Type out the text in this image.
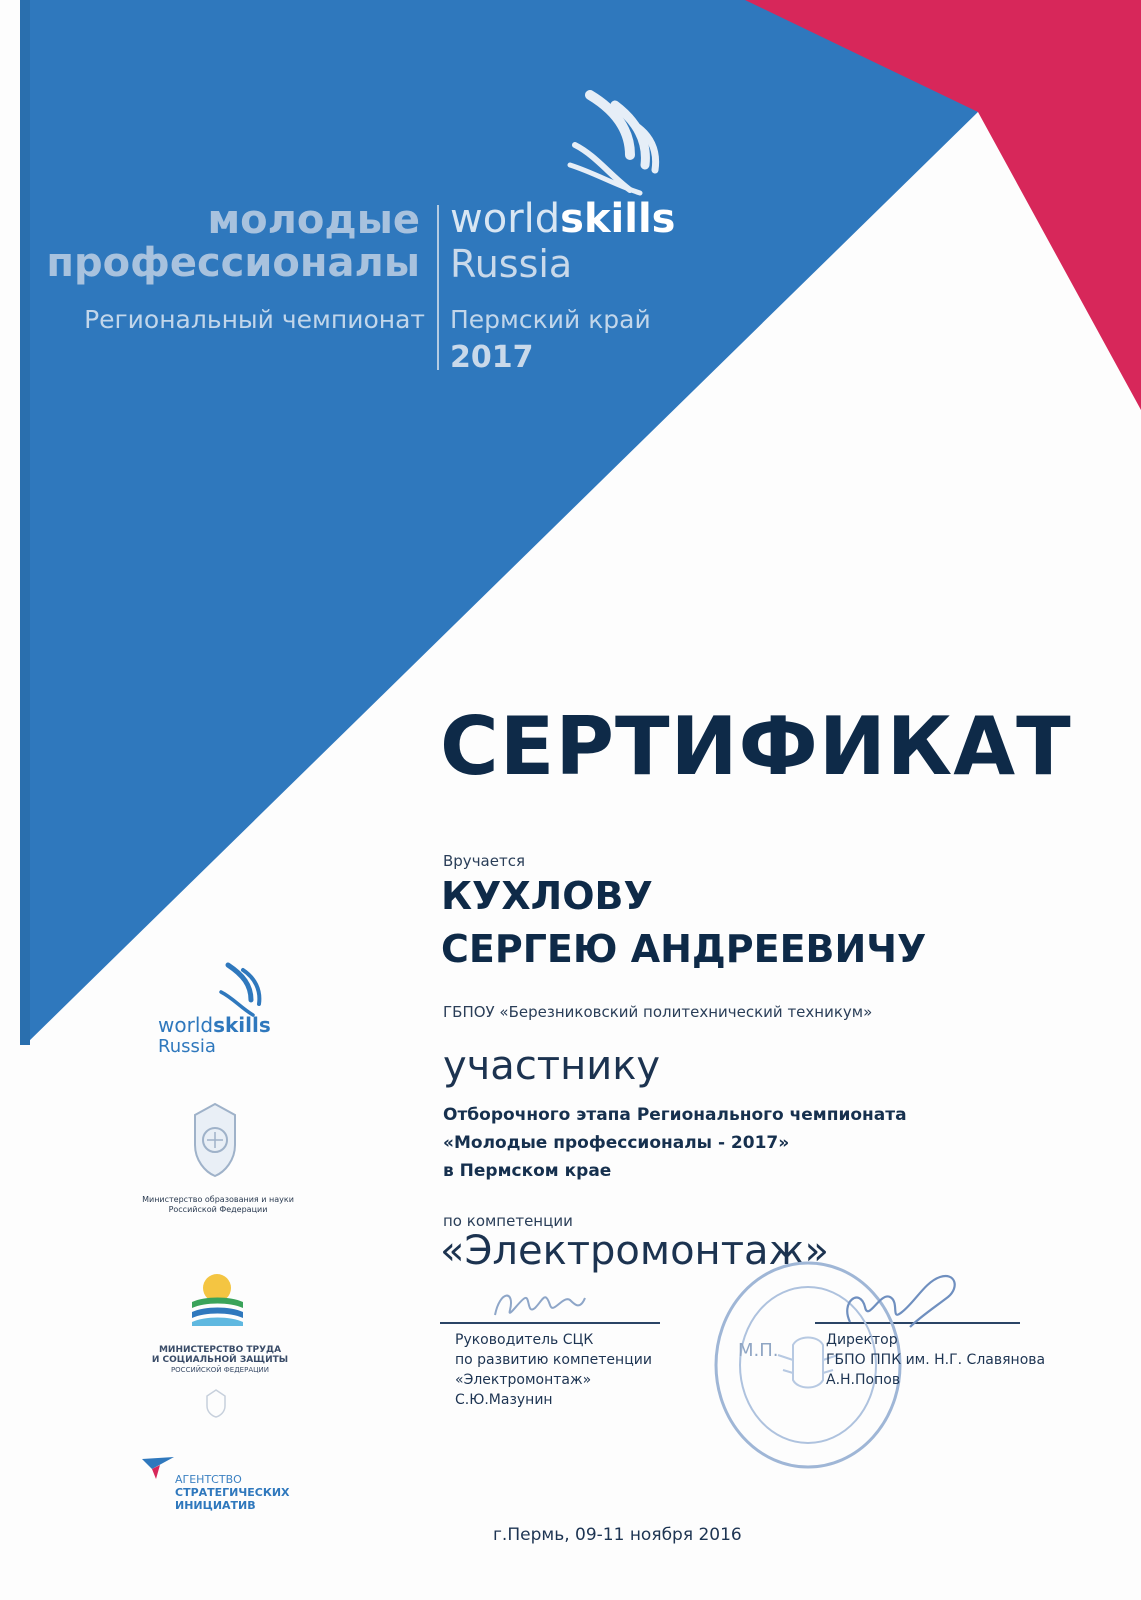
молодые
профессионалы
worldskills
Russia
Региональный чемпионат Пермский край
2017
СЕРТИФИКАТ
Вручается
КУХЛОВУ
СЕРГЕЮ АНДРЕЕВИЧУ
ГБПОУ «Березниковский политехнический техникум»
участнику
Отборочного этапа Регионального чемпионата
«Молодые профессионалы - 2017»
в Пермском крае
по компетенции
«Электромонтаж»
М.П.
Руководитель СЦК
по развитию компетенции
«Электромонтаж»
С.Ю.Мазунин
Директор
ГБПО ППК им. Н.Г. Славянова
А.Н.Попов
г.Пермь, 09-11 ноября 2016
worldskills
Russia
Министерство образования и науки
Российской Федерации
МИНИСТЕРСТВО ТРУДА
И СОЦИАЛЬНОЙ ЗАЩИТЫ
РОССИЙСКОЙ ФЕДЕРАЦИИ
АГЕНТСТВО
СТРАТЕГИЧЕСКИХ
ИНИЦИАТИВ
